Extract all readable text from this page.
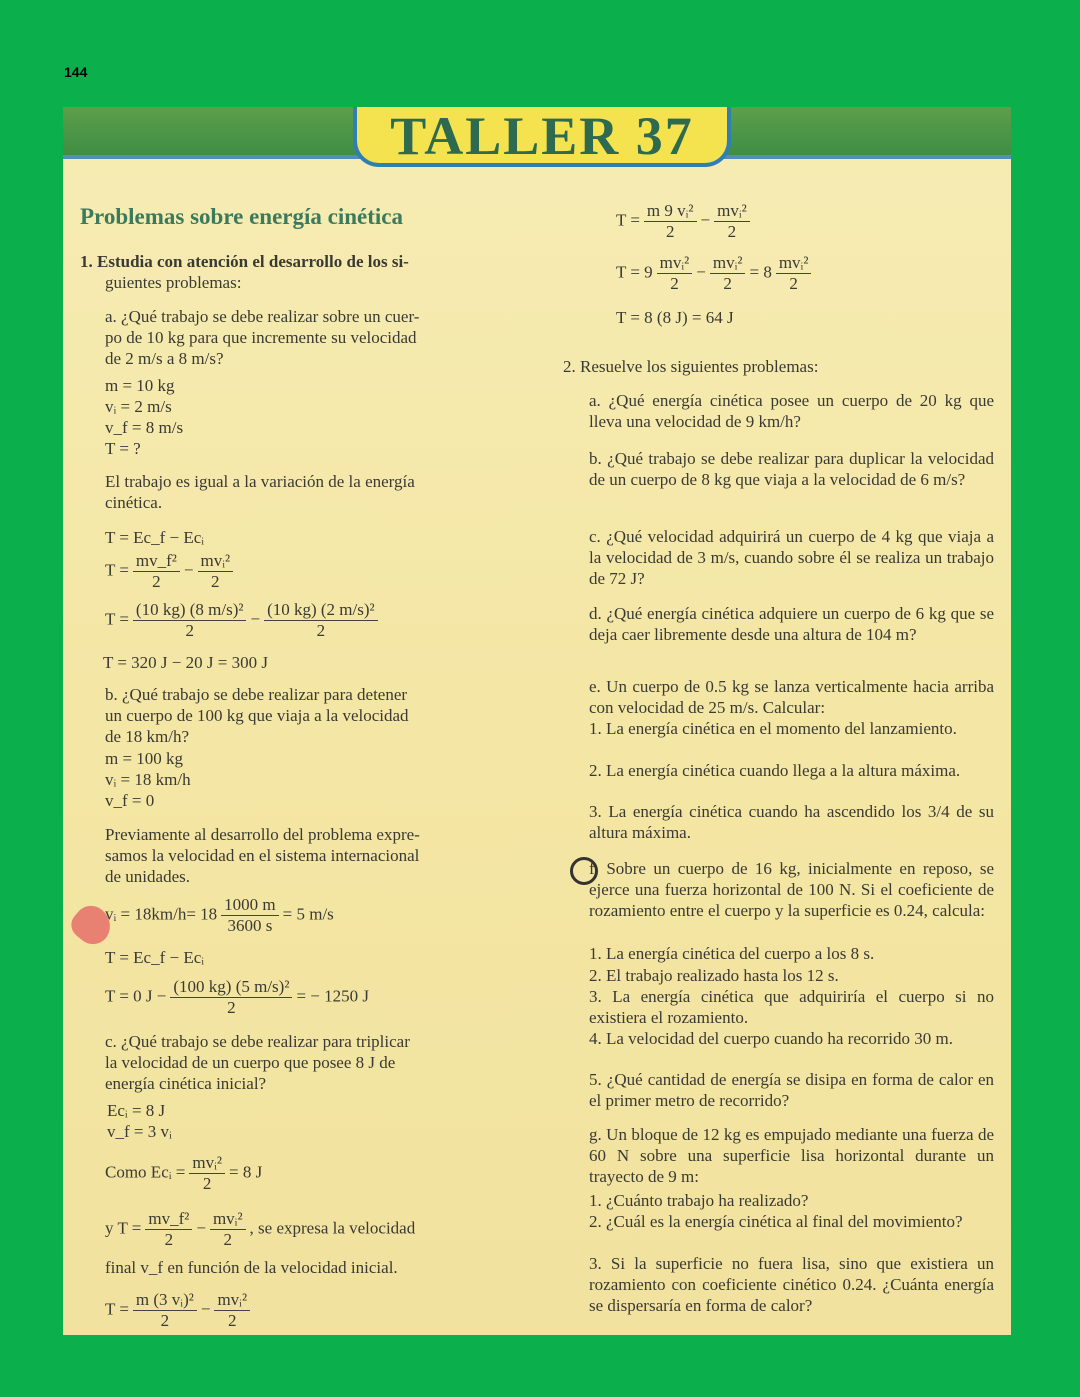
144
TALLER 37
Problemas sobre energía cinética
1. Estudia con atención el desarrollo de los si-
guientes problemas:
a. ¿Qué trabajo se debe realizar sobre un cuer-
po de 10 kg para que incremente su velocidad
de 2 m/s a 8 m/s?
m = 10 kg
vᵢ = 2 m/s
v_f = 8 m/s
T = ?
El trabajo es igual a la variación de la energía
cinética.
T = Ec_f − Ecᵢ
$T = \frac{\text{mv\_f²}}{2}$ − mvᵢ²
2
$T = \frac{\text{(10 kg) (8 m/s)²}}{2} - \frac{\text{(10 kg) (2 m/s)²}}{2}$
T = 320 J − 20 J = 300 J
b. ¿Qué trabajo se debe realizar para detener
un cuerpo de 100 kg que viaja a la velocidad
de 18 km/h?
m = 100 kg
vᵢ = 18 km/h
v_f = 0
Previamente al desarrollo del problema expre-
samos la velocidad en el sistema internacional
de unidades.
vᵢ = $18km/h= 18 \frac{1000 m}{3600 s} = 5$ m/s
T = Ec_f − Ecᵢ
T = 0 $J - \frac{\text{(100 kg) (5 m/s)²}}{2}$ = − 1250 J
c. ¿Qué trabajo se debe realizar para triplicar
la velocidad de un cuerpo que posee 8 J de
energía cinética inicial?
Ecᵢ = 8 J
v_f = 3 vᵢ
Como Ecᵢ = mvᵢ²
2
= 8 J
y $T = \frac{\text{mv\_f²}}{2}$ − mvᵢ²
2
, se expresa la velocidad
final v_f en función de la velocidad inicial.
$T = \frac{\text{m (3 vᵢ)²}}{2}$ − mvᵢ²
2
$T = \frac{\text{m 9 vᵢ²}}{2}$ − mvᵢ²
2
T = 9 mvᵢ²
2
− mvᵢ²
2
= 8 mvᵢ²
2
T = 8 (8 J) = 64 J
2. Resuelve los siguientes problemas:
a. ¿Qué energía cinética posee un cuerpo de 20 kg que lleva una velocidad de 9 km/h?
b. ¿Qué trabajo se debe realizar para duplicar la velocidad de un cuerpo de 8 kg que viaja a la velocidad de 6 m/s?
c. ¿Qué velocidad adquirirá un cuerpo de 4 kg que viaja a la velocidad de 3 m/s, cuando sobre él se realiza un trabajo de 72 J?
d. ¿Qué energía cinética adquiere un cuerpo de 6 kg que se deja caer libremente desde una altura de 104 m?
e. Un cuerpo de 0.5 kg se lanza verticalmente hacia arriba con velocidad de 25 m/s. Calcular:
1. La energía cinética en el momento del lanzamiento.
2. La energía cinética cuando llega a la altura máxima.
3. La energía cinética cuando ha ascendido los 3/4 de su altura máxima.
f. Sobre un cuerpo de 16 kg, inicialmente en reposo, se ejerce una fuerza horizontal de 100 N. Si el coeficiente de rozamiento entre el cuerpo y la superficie es 0.24, calcula:
1. La energía cinética del cuerpo a los 8 s.
2. El trabajo realizado hasta los 12 s.
3. La energía cinética que adquiriría el cuerpo si no existiera el rozamiento.
4. La velocidad del cuerpo cuando ha recorrido 30 m.
5. ¿Qué cantidad de energía se disipa en forma de calor en el primer metro de recorrido?
g. Un bloque de 12 kg es empujado mediante una fuerza de 60 N sobre una superficie lisa horizontal durante un trayecto de 9 m:
1. ¿Cuánto trabajo ha realizado?
2. ¿Cuál es la energía cinética al final del movimiento?
3. Si la superficie no fuera lisa, sino que existiera un rozamiento con coeficiente cinético 0.24. ¿Cuánta energía se dispersaría en forma de calor?
